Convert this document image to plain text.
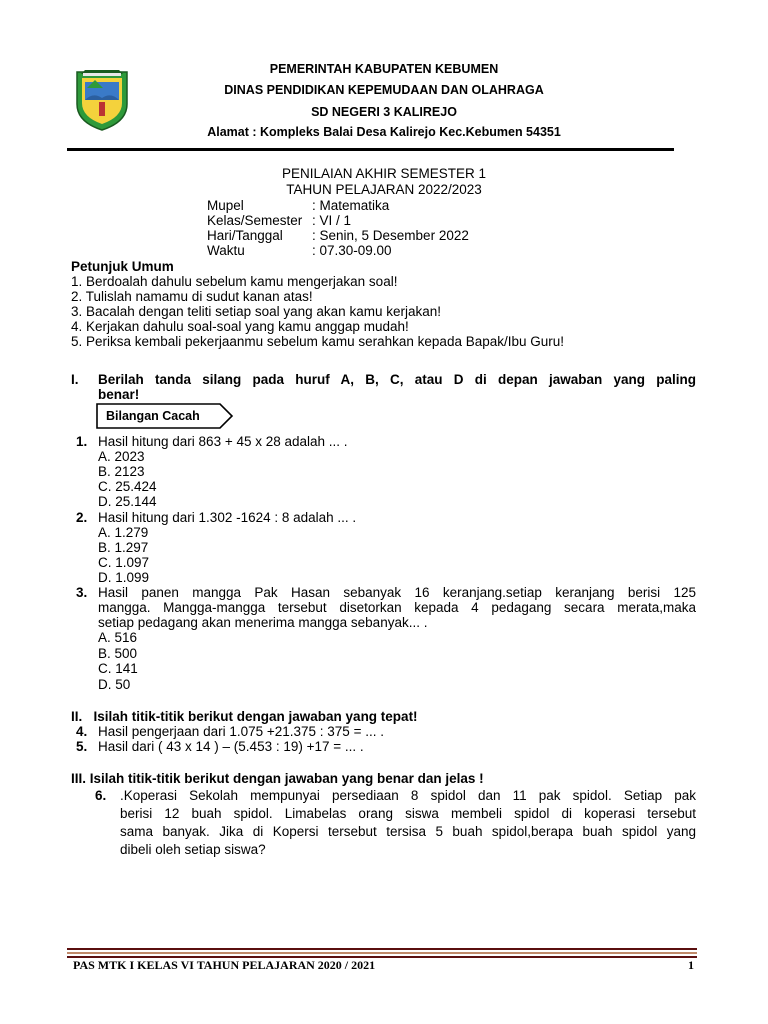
PEMERINTAH KABUPATEN KEBUMEN
DINAS PENDIDIKAN KEPEMUDAAN DAN OLAHRAGA
SD NEGERI 3 KALIREJO
Alamat : Kompleks Balai Desa Kalirejo Kec.Kebumen 54351
PENILAIAN AKHIR SEMESTER 1
TAHUN PELAJARAN 2022/2023
Mupel	: Matematika
Kelas/Semester : VI / 1
Hari/Tanggal : Senin, 5 Desember 2022
Waktu	: 07.30-09.00
Petunjuk Umum
1. Berdoalah dahulu sebelum kamu mengerjakan soal!
2. Tulislah namamu di sudut kanan atas!
3. Bacalah dengan teliti setiap soal yang akan kamu kerjakan!
4. Kerjakan dahulu soal-soal yang kamu anggap mudah!
5. Periksa kembali pekerjaanmu sebelum kamu serahkan kepada Bapak/Ibu Guru!
I. Berilah tanda silang pada huruf A, B, C, atau D di depan jawaban yang paling
benar!
Bilangan Cacah
1. Hasil hitung dari 863 + 45 x 28 adalah ... .
A. 2023
B. 2123
C. 25.424
D. 25.144
2. Hasil hitung dari 1.302 -1624 : 8 adalah ... .
A. 1.279
B. 1.297
C. 1.097
D. 1.099
3. Hasil panen mangga Pak Hasan sebanyak 16 keranjang.setiap keranjang berisi 125
mangga. Mangga-mangga tersebut disetorkan kepada 4 pedagang secara merata,maka
setiap pedagang akan menerima mangga sebanyak... .
A. 516
B. 500
C. 141
D. 50
II.   Isilah titik-titik berikut dengan jawaban yang tepat!
4. Hasil pengerjaan dari 1.075 +21.375 : 375 = ... .
5. Hasil dari ( 43 x 14 ) – (5.453 : 19) +17 = ... .
III. Isilah titik-titik berikut dengan jawaban yang benar dan jelas !
6. .Koperasi Sekolah mempunyai persediaan 8 spidol dan 11 pak spidol. Setiap pak
berisi 12 buah spidol. Limabelas orang siswa membeli spidol di koperasi tersebut
sama banyak. Jika di Kopersi tersebut tersisa 5 buah spidol,berapa buah spidol yang
dibeli oleh setiap siswa?
PAS MTK I KELAS VI TAHUN PELAJARAN 2020 / 2021	1
